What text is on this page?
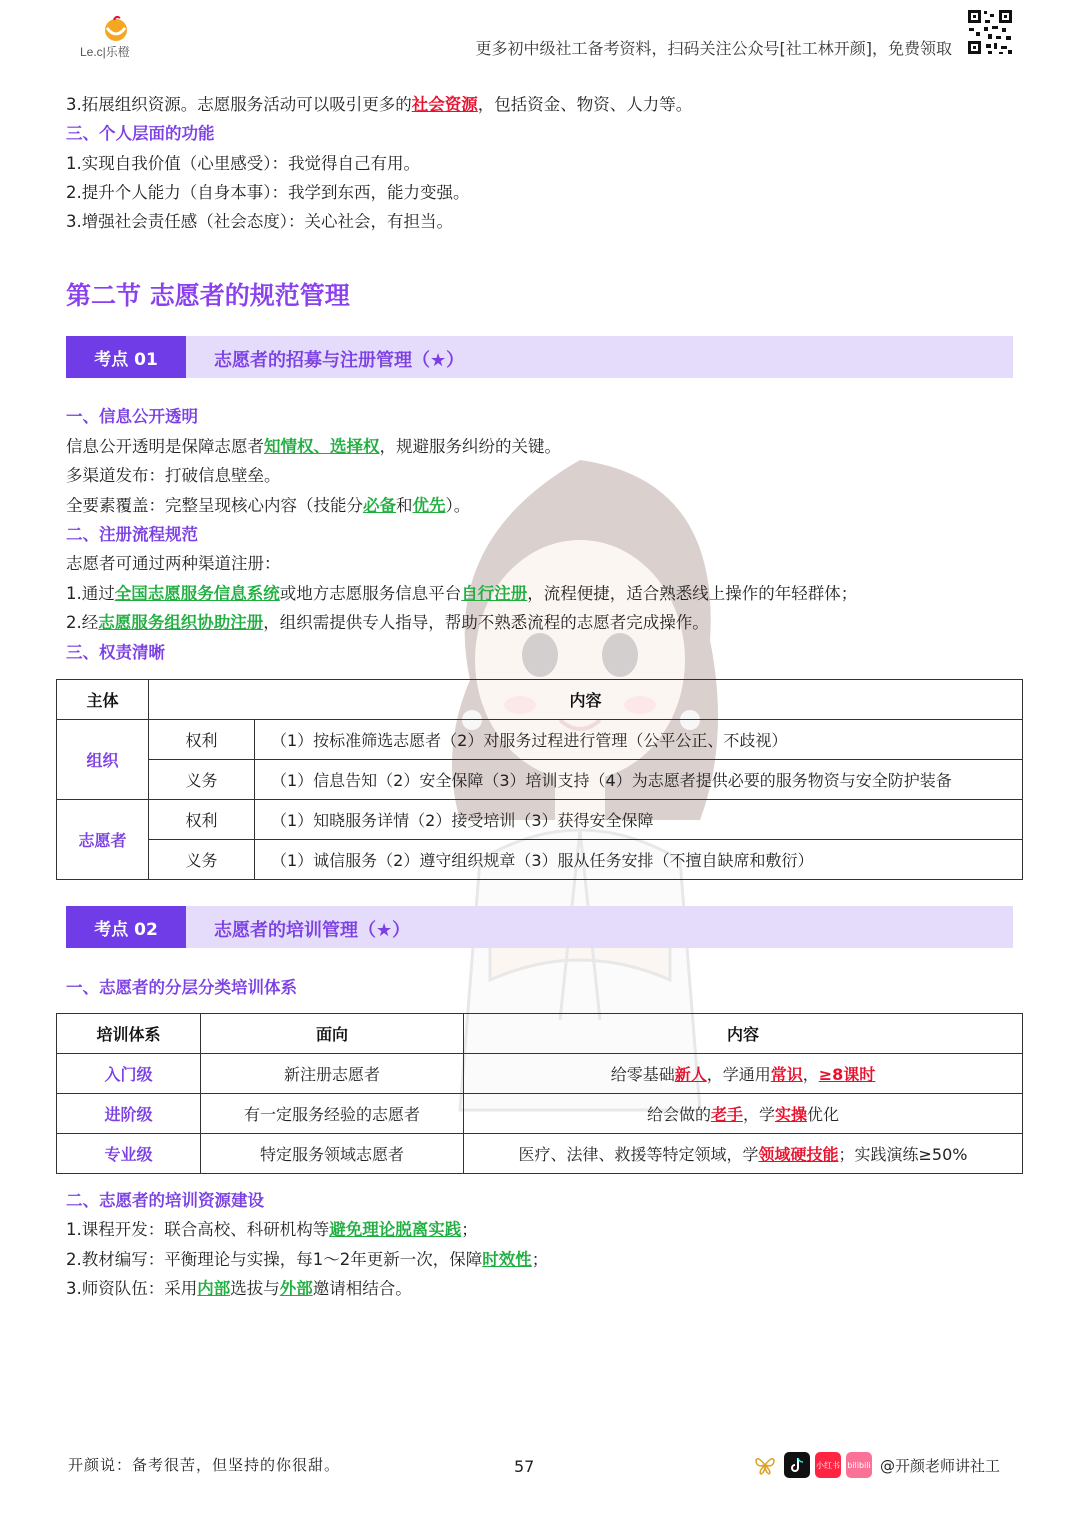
Le.c|乐橙	更多初中级社工备考资料，扫码关注公众号[社工林开颜]，免费领取
3.拓展组织资源。志愿服务活动可以吸引更多的社会资源，包括资金、物资、人力等。
三、个人层面的功能
1.实现自我价值（心里感受）：我觉得自己有用。
2.提升个人能力（自身本事）：我学到东西，能力变强。
3.增强社会责任感（社会态度）：关心社会，有担当。
第二节 志愿者的规范管理
考点 01	志愿者的招募与注册管理（★）
一、信息公开透明
信息公开透明是保障志愿者知情权、选择权，规避服务纠纷的关键。
多渠道发布：打破信息壁垒。
全要素覆盖：完整呈现核心内容（技能分必备和优先）。
二、注册流程规范
志愿者可通过两种渠道注册：
1.通过全国志愿服务信息系统或地方志愿服务信息平台自行注册，流程便捷，适合熟悉线上操作的年轻群体；
2.经志愿服务组织协助注册，组织需提供专人指导，帮助不熟悉流程的志愿者完成操作。
三、权责清晰
主体	内容	
组织	权利	（1）按标准筛选志愿者（2）对服务过程进行管理（公平公正、不歧视）
	义务	（1）信息告知（2）安全保障（3）培训支持（4）为志愿者提供必要的服务物资与安全防护装备
志愿者	权利	（1）知晓服务详情（2）接受培训（3）获得安全保障
	义务	（1）诚信服务（2）遵守组织规章（3）服从任务安排（不擅自缺席和敷衍）
考点 02	志愿者的培训管理（★）
一、志愿者的分层分类培训体系
培训体系	面向	内容
入门级	新注册志愿者	给零基础新人，学通用常识，≥8课时
进阶级	有一定服务经验的志愿者	给会做的老手，学实操优化
专业级	特定服务领域志愿者	医疗、法律、救援等特定领域，学领域硬技能；实践演练≥50%
二、志愿者的培训资源建设
1.课程开发：联合高校、科研机构等避免理论脱离实践；
2.教材编写：平衡理论与实操，每1～2年更新一次，保障时效性；
3.师资队伍：采用内部选拔与外部邀请相结合。
开颜说：备考很苦，但坚持的你很甜。	57	小红书 bilibili @开颜老师讲社工
